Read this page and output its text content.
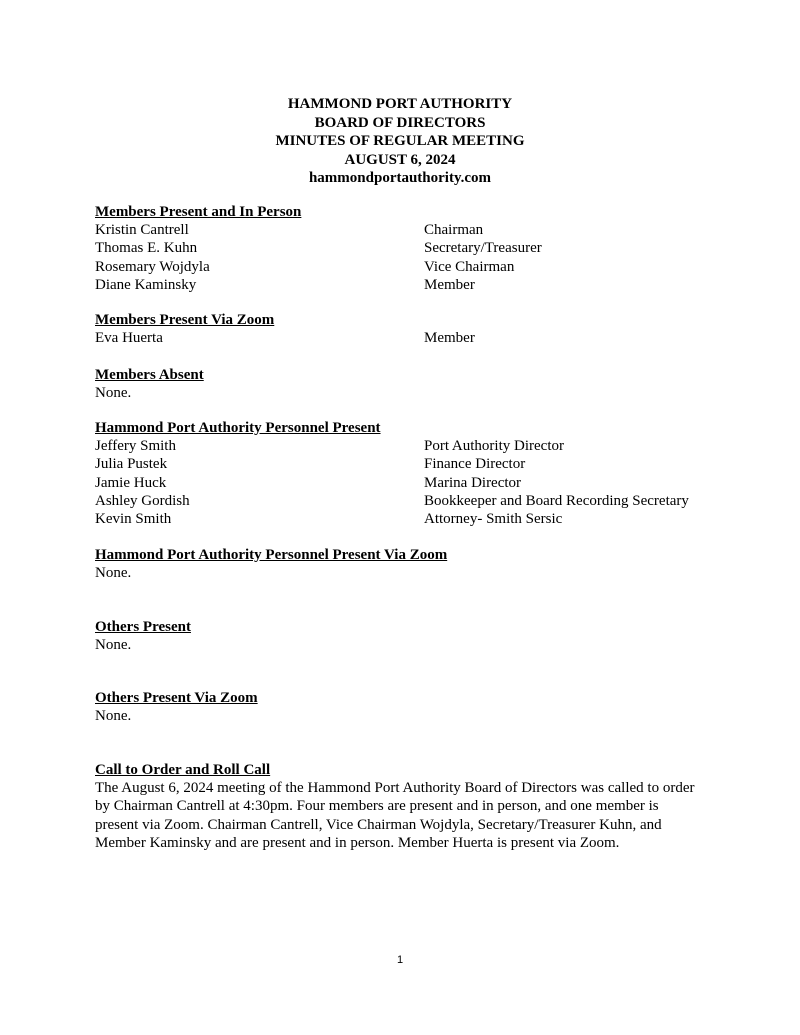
HAMMOND PORT AUTHORITY
BOARD OF DIRECTORS
MINUTES OF REGULAR MEETING
AUGUST 6, 2024
hammondportauthority.com
Members Present and In Person
Kristin Cantrell	Chairman
Thomas E. Kuhn	Secretary/Treasurer
Rosemary Wojdyla	Vice Chairman
Diane Kaminsky	Member
Members Present Via Zoom
Eva Huerta	Member
Members Absent
None.
Hammond Port Authority Personnel Present
Jeffery Smith	Port Authority Director
Julia Pustek	Finance Director
Jamie Huck	Marina Director
Ashley Gordish	Bookkeeper and Board Recording Secretary
Kevin Smith	Attorney- Smith Sersic
Hammond Port Authority Personnel Present Via Zoom
None.
Others Present
None.
Others Present Via Zoom
None.
Call to Order and Roll Call
The August 6, 2024 meeting of the Hammond Port Authority Board of Directors was called to order by Chairman Cantrell at 4:30pm. Four members are present and in person, and one member is present via Zoom. Chairman Cantrell, Vice Chairman Wojdyla, Secretary/Treasurer Kuhn, and Member Kaminsky and are present and in person. Member Huerta is present via Zoom.
1
